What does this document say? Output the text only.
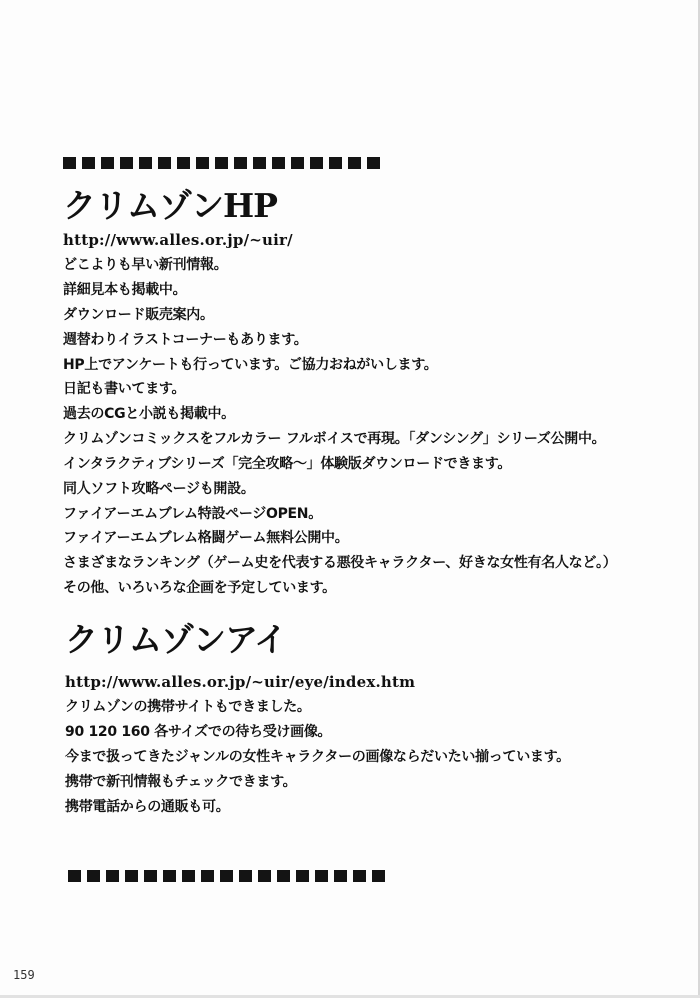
クリムゾンHP
http://www.alles.or.jp/~uir/
どこよりも早い新刊情報。
詳細見本も掲載中。
ダウンロード販売案内。
週替わりイラストコーナーもあります。
HP上でアンケートも行っています。ご協力おねがいします。
日記も書いてます。
過去のCGと小説も掲載中。
クリムゾンコミックスをフルカラー フルボイスで再現。「ダンシング」シリーズ公開中。
インタラクティブシリーズ「完全攻略～」体験版ダウンロードできます。
同人ソフト攻略ページも開設。
ファイアーエムブレム特設ページOPEN。
ファイアーエムブレム格闘ゲーム無料公開中。
さまざまなランキング（ゲーム史を代表する悪役キャラクター、好きな女性有名人など。）
その他、いろいろな企画を予定しています。
クリムゾンアイ
http://www.alles.or.jp/~uir/eye/index.htm
クリムゾンの携帯サイトもできました。
90 120 160 各サイズでの待ち受け画像。
今まで扱ってきたジャンルの女性キャラクターの画像ならだいたい揃っています。
携帯で新刊情報もチェックできます。
携帯電話からの通販も可。
159
